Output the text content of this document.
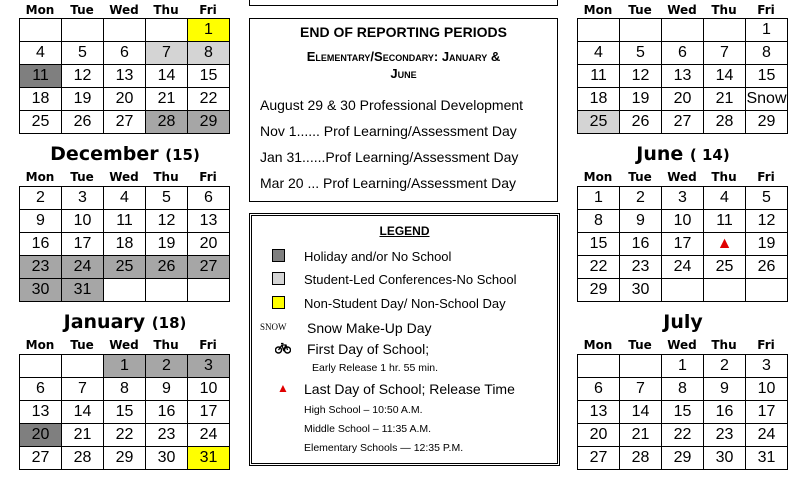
Mon	Tue	Wed	Thu	Fri
				1
4	5	6	7	8
11	12	13	14	15
18	19	20	21	22
25	26	27	28	29
December (15)
Mon	Tue	Wed	Thu	Fri
2	3	4	5	6
9	10	11	12	13
16	17	18	19	20
23	24	25	26	27
30	31			
January (18)
Mon	Tue	Wed	Thu	Fri
		1	2	3
6	7	8	9	10
13	14	15	16	17
20	21	22	23	24
27	28	29	30	31
Mon	Tue	Wed	Thu	Fri
				1
4	5	6	7	8
11	12	13	14	15
18	19	20	21	Snow
25	26	27	28	29
June ( 14)
Mon	Tue	Wed	Thu	Fri
1	2	3	4	5
8	9	10	11	12
15	16	17	▲	19
22	23	24	25	26
29	30			
July
Mon	Tue	Wed	Thu	Fri
		1	2	3
6	7	8	9	10
13	14	15	16	17
20	21	22	23	24
27	28	29	30	31
END OF REPORTING PERIODS
Elementary/Secondary: January &
June
August 29 & 30 Professional Development
Nov 1...... Prof Learning/Assessment Day
Jan 31......Prof Learning/Assessment Day
Mar 20 ... Prof Learning/Assessment Day
LEGEND
Holiday and/or No School
Student-Led Conferences-No School
Non-Student Day/ Non-School Day
SNOW Snow Make-Up Day
First Day of School;
Early Release 1 hr. 55 min.
▲ Last Day of School; Release Time
High School – 10:50 A.M.
Middle School – 11:35 A.M.
Elementary Schools — 12:35 P.M.
